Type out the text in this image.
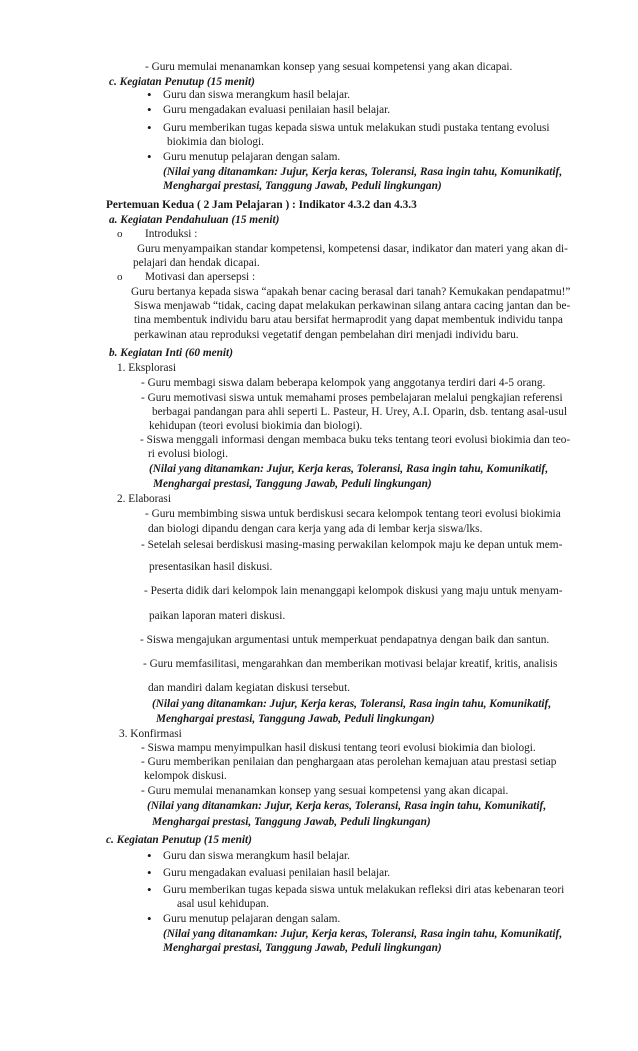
- Guru memulai menanamkan konsep yang sesuai kompetensi yang akan dicapai.
c. Kegiatan Penutup (15 menit)
• Guru dan siswa merangkum hasil belajar.
• Guru mengadakan evaluasi penilaian hasil belajar.
• Guru memberikan tugas kepada siswa untuk melakukan studi pustaka tentang evolusi
biokimia dan biologi.
• Guru menutup pelajaran dengan salam.
(Nilai yang ditanamkan: Jujur, Kerja keras, Toleransi, Rasa ingin tahu, Komunikatif,
Menghargai prestasi, Tanggung Jawab, Peduli lingkungan)
Pertemuan Kedua ( 2 Jam Pelajaran ) : Indikator 4.3.2 dan 4.3.3
a. Kegiatan Pendahuluan (15 menit)
o Introduksi :
Guru menyampaikan standar kompetensi, kompetensi dasar, indikator dan materi yang akan di-
pelajari dan hendak dicapai.
o Motivasi dan apersepsi :
Guru bertanya kepada siswa “apakah benar cacing berasal dari tanah? Kemukakan pendapatmu!”
Siswa menjawab “tidak, cacing dapat melakukan perkawinan silang antara cacing jantan dan be-
tina membentuk individu baru atau bersifat hermaprodit yang dapat membentuk individu tanpa
perkawinan atau reproduksi vegetatif dengan pembelahan diri menjadi individu baru.
b. Kegiatan Inti (60 menit)
1. Eksplorasi
- Guru membagi siswa dalam beberapa kelompok yang anggotanya terdiri dari 4-5 orang.
- Guru memotivasi siswa untuk memahami proses pembelajaran melalui pengkajian referensi
berbagai pandangan para ahli seperti L. Pasteur, H. Urey, A.I. Oparin, dsb. tentang asal-usul
kehidupan (teori evolusi biokimia dan biologi).
- Siswa menggali informasi dengan membaca buku teks tentang teori evolusi biokimia dan teo-
ri evolusi biologi.
(Nilai yang ditanamkan: Jujur, Kerja keras, Toleransi, Rasa ingin tahu, Komunikatif,
Menghargai prestasi, Tanggung Jawab, Peduli lingkungan)
2. Elaborasi
- Guru membimbing siswa untuk berdiskusi secara kelompok tentang teori evolusi biokimia
dan biologi dipandu dengan cara kerja yang ada di lembar kerja siswa/lks.
- Setelah selesai berdiskusi masing-masing perwakilan kelompok maju ke depan untuk mem-
presentasikan hasil diskusi.
- Peserta didik dari kelompok lain menanggapi kelompok diskusi yang maju untuk menyam-
paikan laporan materi diskusi.
- Siswa mengajukan argumentasi untuk memperkuat pendapatnya dengan baik dan santun.
- Guru memfasilitasi, mengarahkan dan memberikan motivasi belajar kreatif, kritis, analisis
dan mandiri dalam kegiatan diskusi tersebut.
(Nilai yang ditanamkan: Jujur, Kerja keras, Toleransi, Rasa ingin tahu, Komunikatif,
Menghargai prestasi, Tanggung Jawab, Peduli lingkungan)
3. Konfirmasi
- Siswa mampu menyimpulkan hasil diskusi tentang teori evolusi biokimia dan biologi.
- Guru memberikan penilaian dan penghargaan atas perolehan kemajuan atau prestasi setiap
kelompok diskusi.
- Guru memulai menanamkan konsep yang sesuai kompetensi yang akan dicapai.
(Nilai yang ditanamkan: Jujur, Kerja keras, Toleransi, Rasa ingin tahu, Komunikatif,
Menghargai prestasi, Tanggung Jawab, Peduli lingkungan)
c. Kegiatan Penutup (15 menit)
• Guru dan siswa merangkum hasil belajar.
• Guru mengadakan evaluasi penilaian hasil belajar.
• Guru memberikan tugas kepada siswa untuk melakukan refleksi diri atas kebenaran teori
asal usul kehidupan.
• Guru menutup pelajaran dengan salam.
(Nilai yang ditanamkan: Jujur, Kerja keras, Toleransi, Rasa ingin tahu, Komunikatif,
Menghargai prestasi, Tanggung Jawab, Peduli lingkungan)
